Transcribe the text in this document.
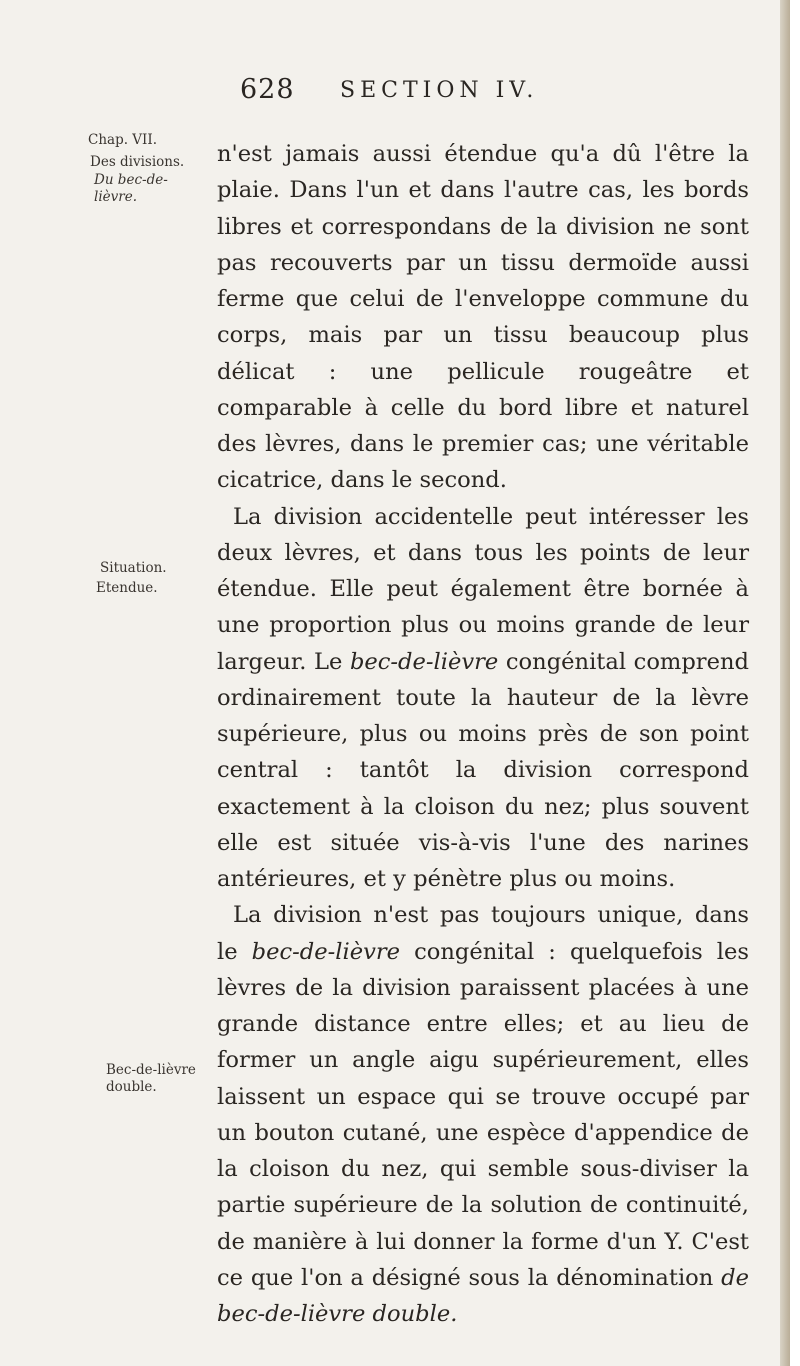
628 SECTION IV.
Chap. VII.
Des divisions.
Du bec-de-lièvre.
Situation.
Etendue.
Bec-de-lièvre double.

n'est jamais aussi étendue qu'a dû l'être la plaie. Dans l'un et dans l'autre cas, les bords libres et correspondans de la division ne sont pas recouverts par un tissu dermoïde aussi ferme que celui de l'enveloppe commune du corps, mais par un tissu beaucoup plus délicat : une pellicule rougeâtre et comparable à celle du bord libre et naturel des lèvres, dans le premier cas; une véritable cicatrice, dans le second.

La division accidentelle peut intéresser les deux lèvres, et dans tous les points de leur étendue. Elle peut également être bornée à une proportion plus ou moins grande de leur largeur. Le bec-de-lièvre congénital comprend ordinairement toute la hauteur de la lèvre supérieure, plus ou moins près de son point central : tantôt la division correspond exactement à la cloison du nez; plus souvent elle est située vis-à-vis l'une des narines antérieures, et y pénètre plus ou moins.

La division n'est pas toujours unique, dans le bec-de-lièvre congénital : quelquefois les lèvres de la division paraissent placées à une grande distance entre elles; et au lieu de former un angle aigu supérieurement, elles laissent un espace qui se trouve occupé par un bouton cutané, une espèce d'appendice de la cloison du nez, qui semble sous-diviser la partie supérieure de la solution de continuité, de manière à lui donner la forme d'un Y. C'est ce que l'on a désigné sous la dénomination de bec-de-lièvre double.
